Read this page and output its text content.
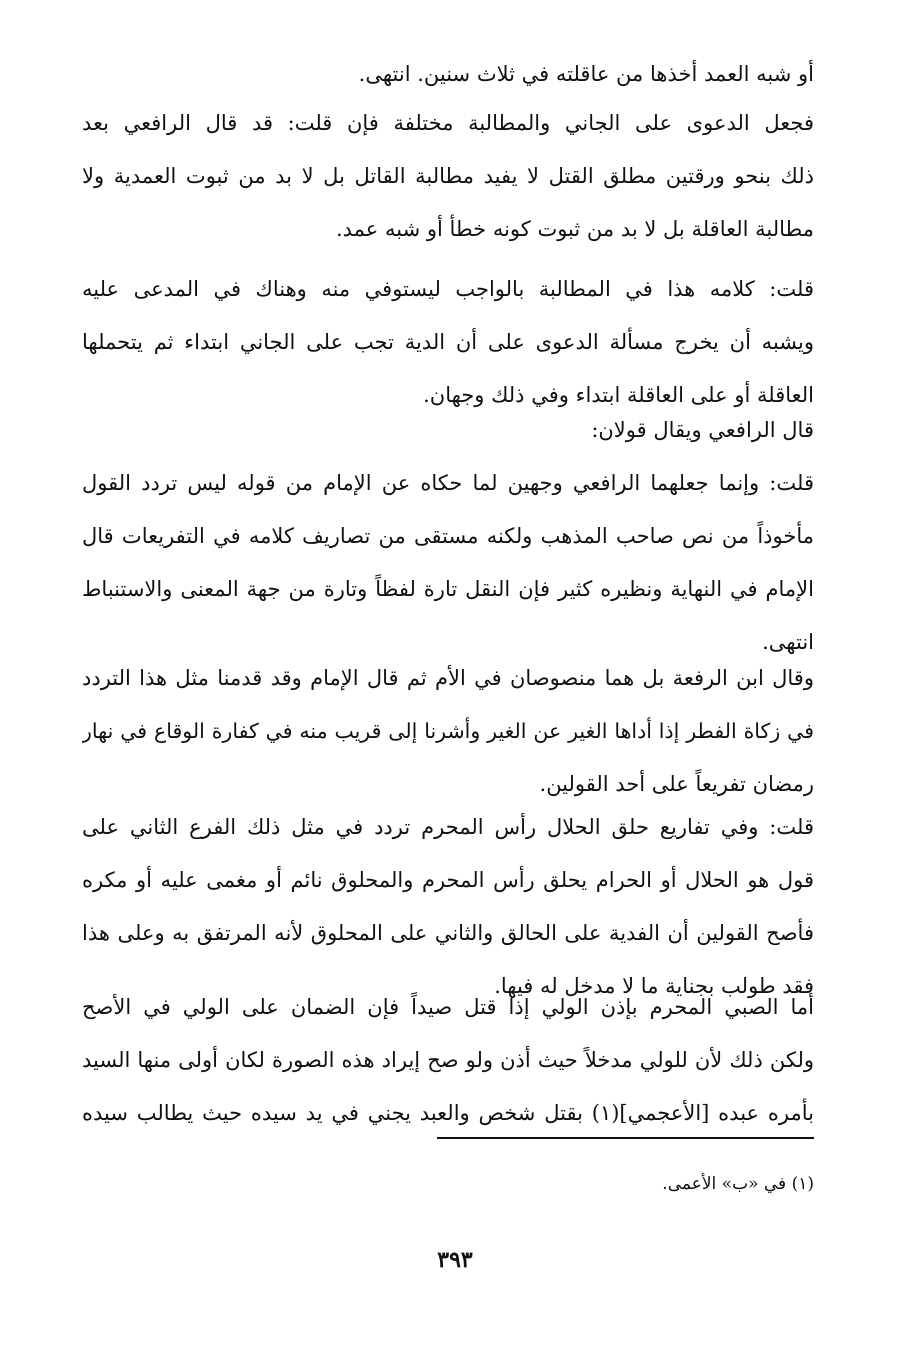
أو شبه العمد أخذها من عاقلته في ثلاث سنين. انتهى.
فجعل الدعوى على الجاني والمطالبة مختلفة فإن قلت: قد قال الرافعي بعد
ذلك بنحو ورقتين مطلق القتل لا يفيد مطالبة القاتل بل لا بد من ثبوت العمدية ولا
مطالبة العاقلة بل لا بد من ثبوت كونه خطأ أو شبه عمد.
قلت: كلامه هذا في المطالبة بالواجب ليستوفي منه وهناك في المدعى عليه
ويشبه أن يخرج مسألة الدعوى على أن الدية تجب على الجاني ابتداء ثم يتحملها
العاقلة أو على العاقلة ابتداء وفي ذلك وجهان.
قال الرافعي ويقال قولان:
قلت: وإنما جعلهما الرافعي وجهين لما حكاه عن الإمام من قوله ليس تردد القول
مأخوذاً من نص صاحب المذهب ولكنه مستقى من تصاريف كلامه في التفريعات قال
الإمام في النهاية ونظيره كثير فإن النقل تارة لفظاً وتارة من جهة المعنى والاستنباط
انتهى.
وقال ابن الرفعة بل هما منصوصان في الأم ثم قال الإمام وقد قدمنا مثل هذا التردد
في زكاة الفطر إذا أداها الغير عن الغير وأشرنا إلى قريب منه في كفارة الوقاع في نهار
رمضان تفريعاً على أحد القولين.
قلت: وفي تفاريع حلق الحلال رأس المحرم تردد في مثل ذلك الفرع الثاني على
قول هو الحلال أو الحرام يحلق رأس المحرم والمحلوق نائم أو مغمى عليه أو مكره
فأصح القولين أن الفدية على الحالق والثاني على المحلوق لأنه المرتفق به وعلى هذا
فقد طولب بجناية ما لا مدخل له فيها.
أما الصبي المحرم بإذن الولي إذا قتل صيداً فإن الضمان على الولي في الأصح
ولكن ذلك لأن للولي مدخلاً حيث أذن ولو صح إيراد هذه الصورة لكان أولى منها السيد
بأمره عبده [الأعجمي](١) بقتل شخص والعبد يجني في يد سيده حيث يطالب سيده
(١) في «ب» الأعمى.
٣٩٣
